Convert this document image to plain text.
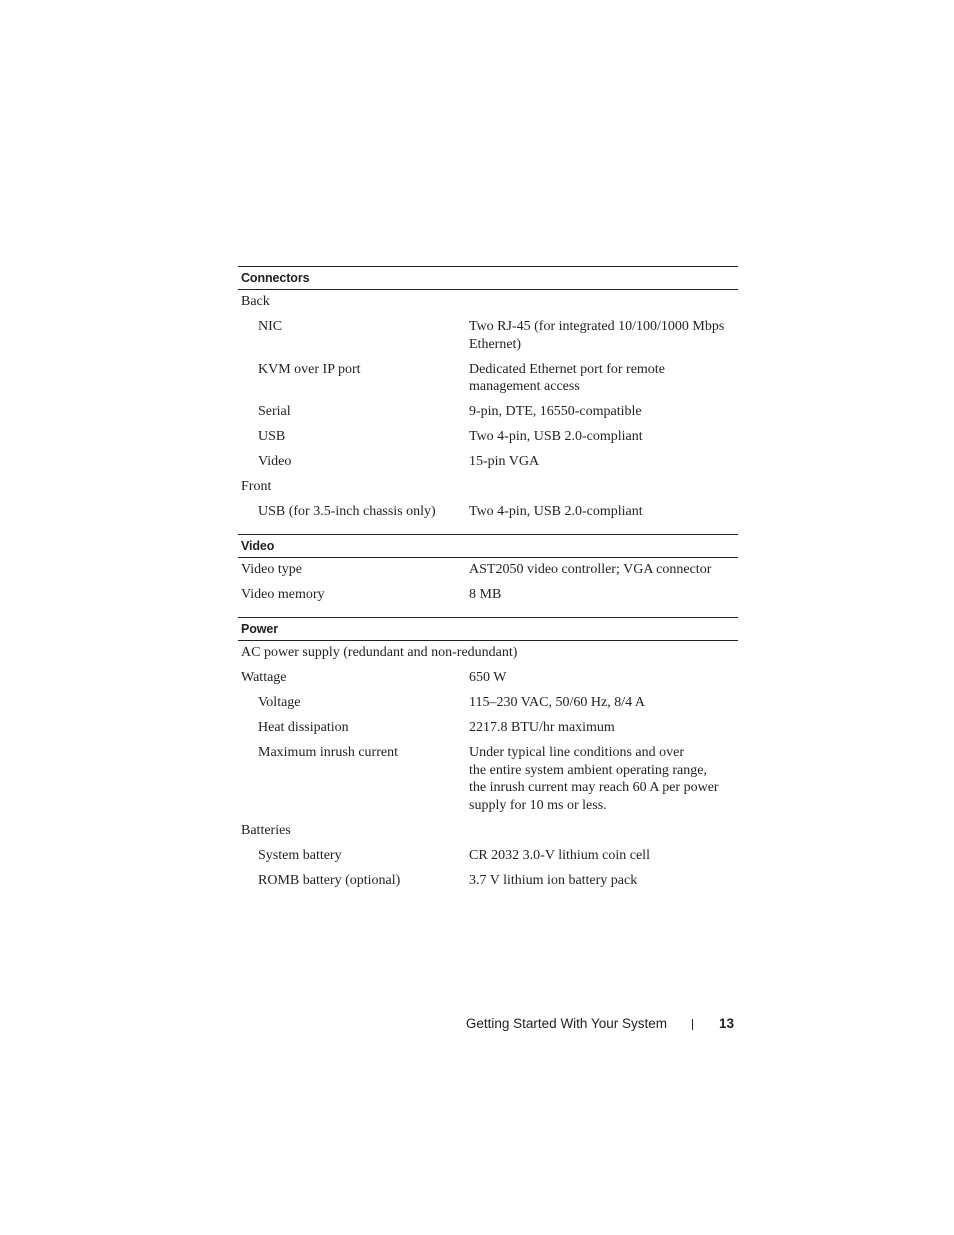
Connectors
Back
NIC	Two RJ-45 (for integrated 10/100/1000 Mbps
Ethernet)
KVM over IP port	Dedicated Ethernet port for remote
management access
Serial	9-pin, DTE, 16550-compatible
USB	Two 4-pin, USB 2.0-compliant
Video	15-pin VGA
Front
USB (for 3.5-inch chassis only)	Two 4-pin, USB 2.0-compliant
Video
Video type	AST2050 video controller; VGA connector
Video memory	8 MB
Power
AC power supply (redundant and non-redundant)
Wattage	650 W
Voltage	115–230 VAC, 50/60 Hz, 8/4 A
Heat dissipation	2217.8 BTU/hr maximum
Maximum inrush current	Under typical line conditions and over
the entire system ambient operating range,
the inrush current may reach 60 A per power
supply for 10 ms or less.
Batteries
System battery	CR 2032 3.0-V lithium coin cell
ROMB battery (optional)	3.7 V lithium ion battery pack
Getting Started With Your System	13
